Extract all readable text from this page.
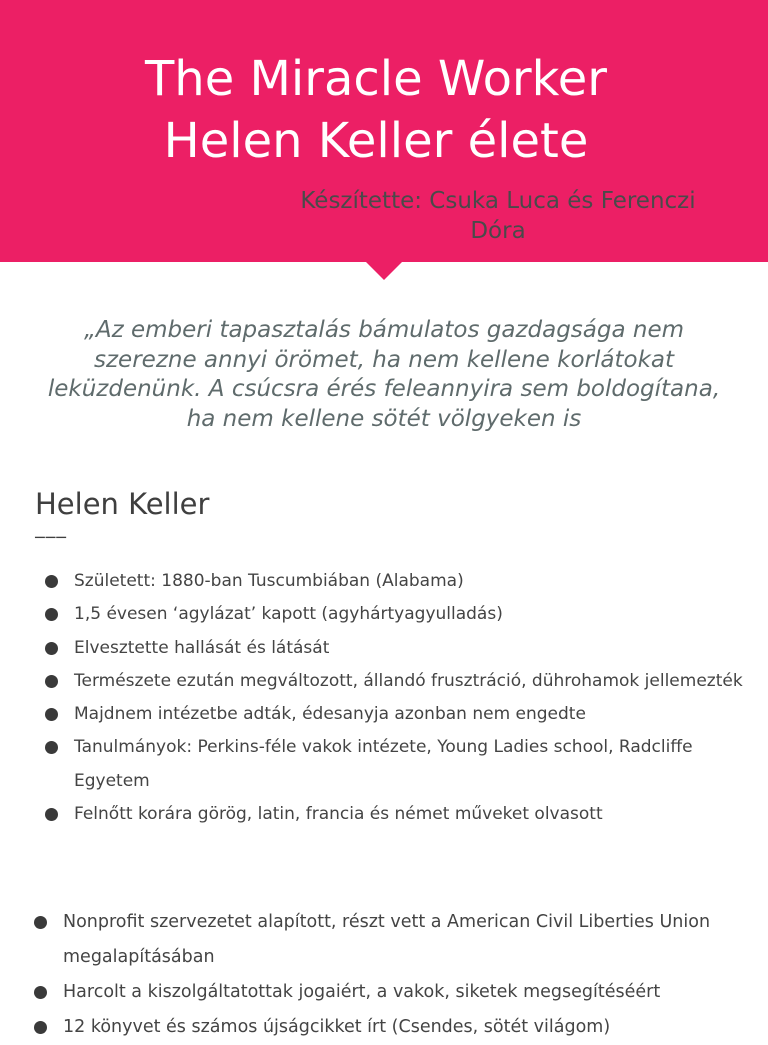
The Miracle Worker
Helen Keller élete

Készítette: Csuka Luca és Ferenczi Dóra

„Az emberi tapasztalás bámulatos gazdagsága nem szerezne annyi örömet, ha nem kellene korlátokat leküzdenünk. A csúcsra érés feleannyira sem boldogítana, ha nem kellene sötét völgyeken is

Helen Keller
───
Született: 1880-ban Tuscumbiában (Alabama)
1,5 évesen ‘agylázat’ kapott (agyhártyagyulladás)
Elvesztette hallását és látását
Természete ezután megváltozott, állandó frusztráció, dührohamok jellemezték
Majdnem intézetbe adták, édesanyja azonban nem engedte
Tanulmányok: Perkins-féle vakok intézete, Young Ladies school, Radcliffe Egyetem
Felnőtt korára görög, latin, francia és német műveket olvasott
Nonprofit szervezetet alapított, részt vett a American Civil Liberties Union megalapításában
Harcolt a kiszolgáltatottak jogaiért, a vakok, siketek megsegítéséért
12 könyvet és számos újságcikket írt (Csendes, sötét világom)
